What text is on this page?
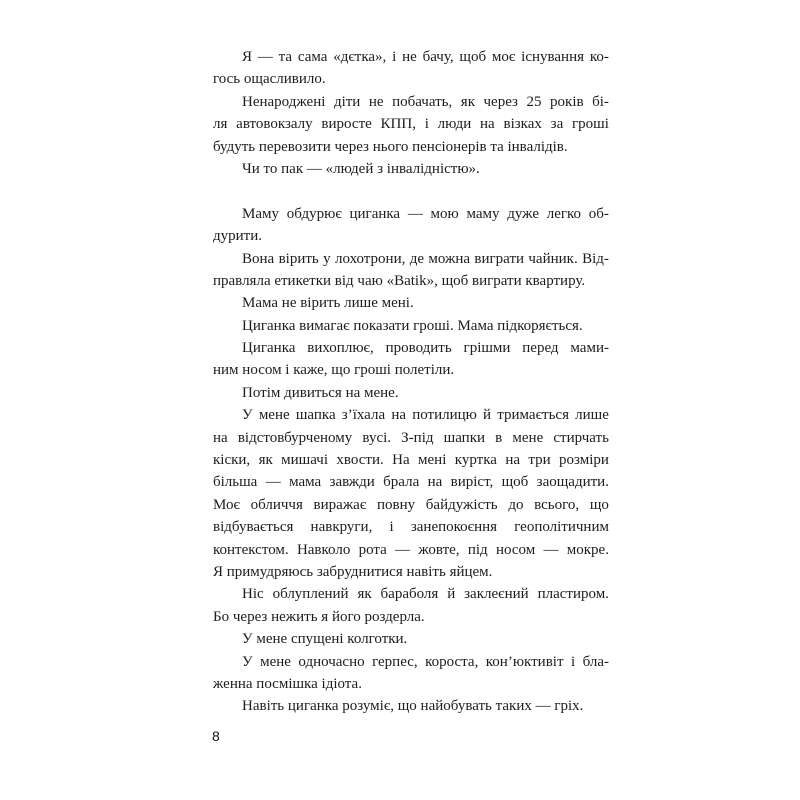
Я — та сама «дєтка», і не бачу, щоб моє існування ко-
гось ощасливило.
Ненароджені діти не побачать, як через 25 років бі-
ля автовокзалу виросте КПП, і люди на візках за гроші
будуть перевозити через нього пенсіонерів та інвалідів.
Чи то пак — «людей з інвалідністю».
Маму обдурює циганка — мою маму дуже легко об-
дурити.
Вона вірить у лохотрони, де можна виграти чайник. Від-
правляла етикетки від чаю «Batik», щоб виграти квартиру.
Мама не вірить лише мені.
Циганка вимагає показати гроші. Мама підкоряється.
Циганка вихоплює, проводить грішми перед мами-
ним носом і каже, що гроші полетіли.
Потім дивиться на мене.
У мене шапка з’їхала на потилицю й тримається лише
на відстовбурченому вусі. З-під шапки в мене стирчать
кіски, як мишачі хвости. На мені куртка на три розміри
більша — мама завжди брала на виріст, щоб заощадити.
Моє обличчя виражає повну байдужість до всього, що
відбувається навкруги, і занепокоєння геополітичним
контекстом. Навколо рота — жовте, під носом — мокре.
Я примудряюсь забруднитися навіть яйцем.
Ніс облуплений як бараболя й заклеєний пластиром.
Бо через нежить я його роздерла.
У мене спущені колготки.
У мене одночасно герпес, короста, кон’юктивіт і бла-
женна посмішка ідіота.
Навіть циганка розуміє, що найобувать таких — гріх.
8
